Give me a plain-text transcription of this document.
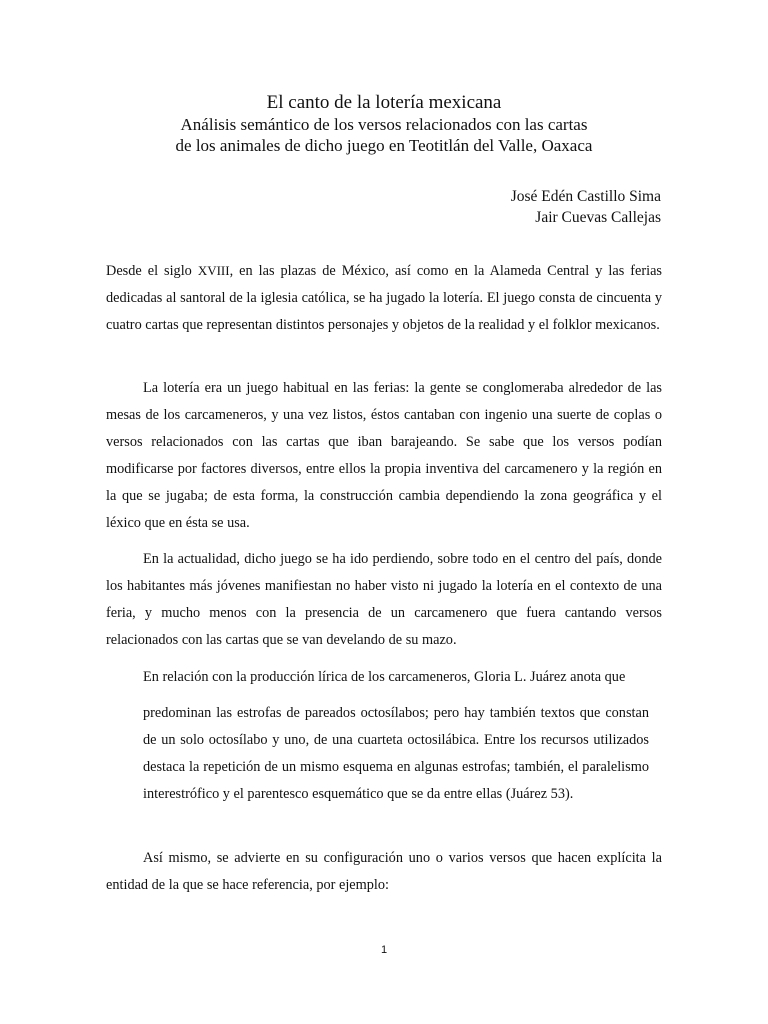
El canto de la lotería mexicana
Análisis semántico de los versos relacionados con las cartas
de los animales de dicho juego en Teotitlán del Valle, Oaxaca
José Edén Castillo Sima
Jair Cuevas Callejas

Desde el siglo XVIII, en las plazas de México, así como en la Alameda Central y las ferias dedicadas al santoral de la iglesia católica, se ha jugado la lotería. El juego consta de cincuenta y cuatro cartas que representan distintos personajes y objetos de la realidad y el folklor mexicanos.

La lotería era un juego habitual en las ferias: la gente se conglomeraba alrededor de las mesas de los carcameneros, y una vez listos, éstos cantaban con ingenio una suerte de coplas o versos relacionados con las cartas que iban barajeando. Se sabe que los versos podían modificarse por factores diversos, entre ellos la propia inventiva del carcamenero y la región en la que se jugaba; de esta forma, la construcción cambia dependiendo la zona geográfica y el léxico que en ésta se usa.

En la actualidad, dicho juego se ha ido perdiendo, sobre todo en el centro del país, donde los habitantes más jóvenes manifiestan no haber visto ni jugado la lotería en el contexto de una feria, y mucho menos con la presencia de un carcamenero que fuera cantando versos relacionados con las cartas que se van develando de su mazo.

En relación con la producción lírica de los carcameneros, Gloria L. Juárez anota que

predominan las estrofas de pareados octosílabos; pero hay también textos que constan de un solo octosílabo y uno, de una cuarteta octosilábica. Entre los recursos utilizados destaca la repetición de un mismo esquema en algunas estrofas; también, el paralelismo interestrófico y el parentesco esquemático que se da entre ellas (Juárez 53).

Así mismo, se advierte en su configuración uno o varios versos que hacen explícita la entidad de la que se hace referencia, por ejemplo:

1
